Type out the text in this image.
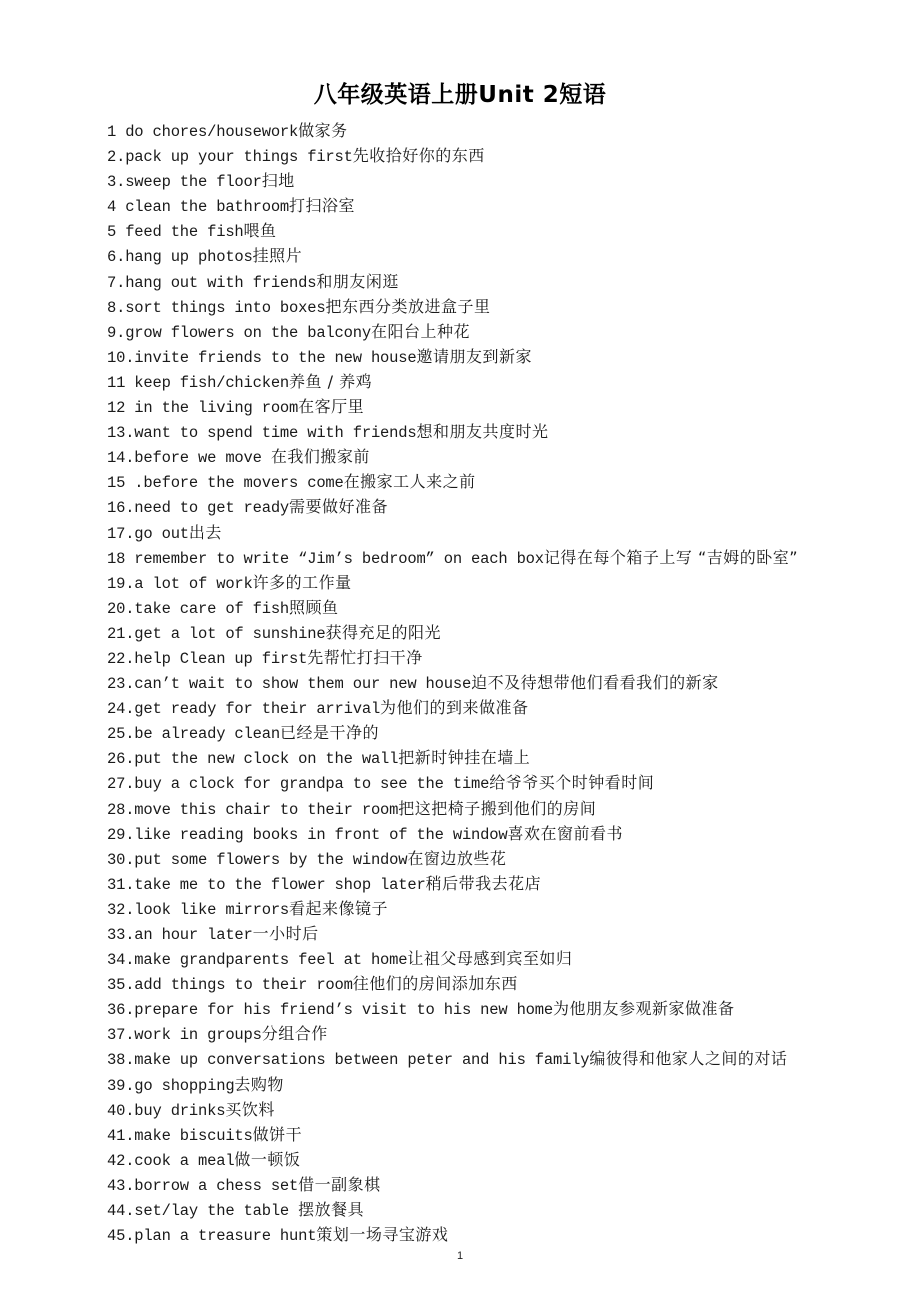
八年级英语上册Unit 2短语
1 do chores/housework做家务
2.pack up your things first先收拾好你的东西
3.sweep the floor扫地
4 clean the bathroom打扫浴室
5 feed the fish喂鱼
6.hang up photos挂照片
7.hang out with friends和朋友闲逛
8.sort things into boxes把东西分类放进盒子里
9.grow flowers on the balcony在阳台上种花
10.invite friends to the new house邀请朋友到新家
11 keep fish/chicken养鱼 / 养鸡
12 in the living room在客厅里
13.want to spend time with friends想和朋友共度时光
14.before we move 在我们搬家前
15 .before the movers come在搬家工人来之前
16.need to get ready需要做好准备
17.go out出去
18 remember to write “Jim’s bedroom” on each box记得在每个箱子上写 “吉姆的卧室”
19.a lot of work许多的工作量
20.take care of fish照顾鱼
21.get a lot of sunshine获得充足的阳光
22.help Clean up first先帮忙打扫干净
23.can’t wait to show them our new house迫不及待想带他们看看我们的新家
24.get ready for their arrival为他们的到来做准备
25.be already clean已经是干净的
26.put the new clock on the wall把新时钟挂在墙上
27.buy a clock for grandpa to see the time给爷爷买个时钟看时间
28.move this chair to their room把这把椅子搬到他们的房间
29.like reading books in front of the window喜欢在窗前看书
30.put some flowers by the window在窗边放些花
31.take me to the flower shop later稍后带我去花店
32.look like mirrors看起来像镜子
33.an hour later一小时后
34.make grandparents feel at home让祖父母感到宾至如归
35.add things to their room往他们的房间添加东西
36.prepare for his friend’s visit to his new home为他朋友参观新家做准备
37.work in groups分组合作
38.make up conversations between peter and his family编彼得和他家人之间的对话
39.go shopping去购物
40.buy drinks买饮料
41.make biscuits做饼干
42.cook a meal做一顿饭
43.borrow a chess set借一副象棋
44.set/lay the table 摆放餐具
45.plan a treasure hunt策划一场寻宝游戏
1
